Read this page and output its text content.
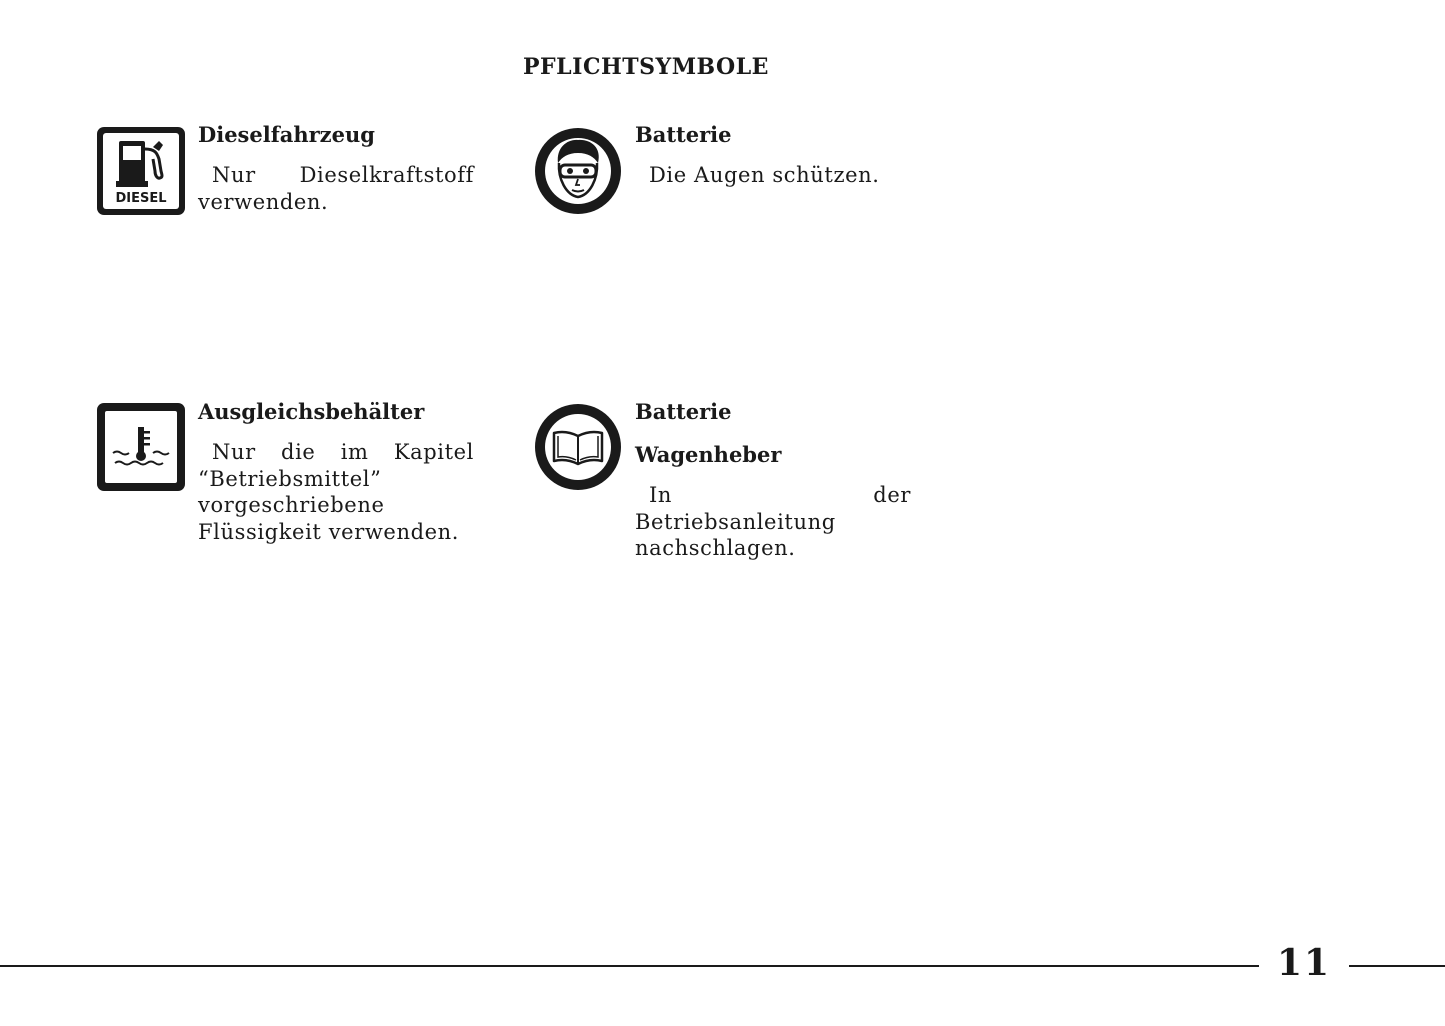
PFLICHTSYMBOLE
DIESEL

Dieselfahrzeug

Nur Dieselkraftstoff verwenden.

Batterie

Die Augen schützen.

Ausgleichsbehälter

Nur die im Kapitel “Betriebsmittel” vorgeschriebene Flüssigkeit verwenden.

Batterie

Wagenheber

In der Betriebsanleitung nachschlagen.

11
